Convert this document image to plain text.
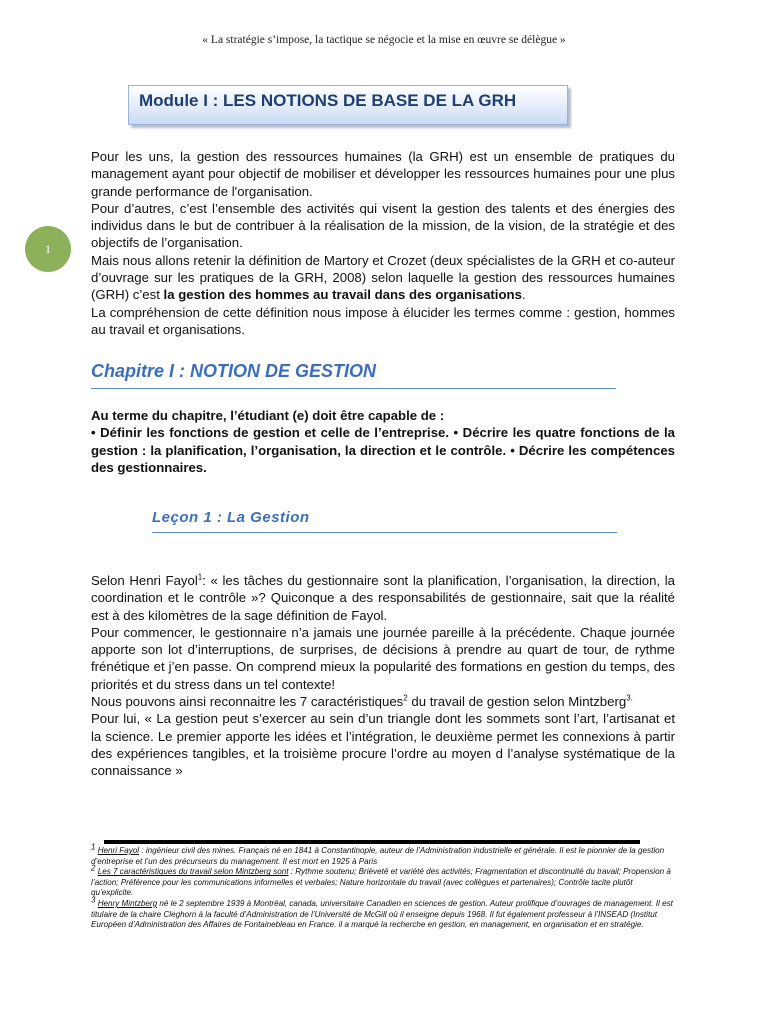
« La stratégie s’impose, la tactique se négocie et la mise en œuvre se délègue »
Module I : LES NOTIONS DE BASE DE LA GRH

Pour les uns, la gestion des ressources humaines (la GRH) est un ensemble de pratiques du management ayant pour objectif de mobiliser et développer les ressources humaines pour une plus grande performance de l'organisation.

Pour d’autres, c’est l’ensemble des activités qui visent la gestion des talents et des énergies des individus dans le but de contribuer à la réalisation de la mission, de la vision, de la stratégie et des objectifs de l’organisation.

Mais nous allons retenir la définition de Martory et Crozet (deux spécialistes de la GRH et co-auteur d’ouvrage sur les pratiques de la GRH, 2008) selon laquelle la gestion des ressources humaines (GRH) c’est la gestion des hommes au travail dans des organisations.

La compréhension de cette définition nous impose à élucider les termes comme : gestion, hommes au travail et organisations.

1
Chapitre I : NOTION DE GESTION

Au terme du chapitre, l’étudiant (e) doit être capable de :

• Définir les fonctions de gestion et celle de l’entreprise. • Décrire les quatre fonctions de la gestion : la planification, l’organisation, la direction et le contrôle. • Décrire les compétences des gestionnaires.

Leçon 1 : La Gestion

Selon Henri Fayol$^1$: « les tâches du gestionnaire sont la planification, l’organisation, la direction, la coordination et le contrôle »? Quiconque a des responsabilités de gestionnaire, sait que la réalité est à des kilomètres de la sage définition de Fayol.

Pour commencer, le gestionnaire n’a jamais une journée pareille à la précédente. Chaque journée apporte son lot d’interruptions, de surprises, de décisions à prendre au quart de tour, de rythme frénétique et j’en passe. On comprend mieux la popularité des formations en gestion du temps, des priorités et du stress dans un tel contexte!

Nous pouvons ainsi reconnaitre les 7 caractéristiques$^2$ du travail de gestion selon Mintzberg$^{3.}$

Pour lui, « La gestion peut s’exercer au sein d’un triangle dont les sommets sont l’art, l’artisanat et la science. Le premier apporte les idées et l’intégration, le deuxième permet les connexions à partir des expériences tangibles, et la troisième procure l’ordre au moyen d l’analyse systématique de la connaissance »

$^1$ Henri Fayol : ingénieur civil des mines. Français né en 1841 à Constantinople, auteur de l’Administration industrielle et générale. Il est le pionnier de la gestion d’entreprise et l’un des précurseurs du management. Il est mort en 1925 à Paris

$^2$ Les 7 caractéristiques du travail selon Mintzberg sont : Rythme soutenu; Brièveté et variété des activités; Fragmentation et discontinuité du travail; Propension à l’action; Préférence pour les communications informelles et verbales; Nature horizontale du travail (avec collègues et partenaires); Contrôle tacite plutôt qu’explicite.

$^3$ Henry Mintzberg né le 2 septembre 1939 à Montréal, canada, universitaire Canadien en sciences de gestion. Auteur prolifique d’ouvrages de management. Il est titulaire de la chaire Cleghorn à la faculté d’Administration de l’Université de McGill où il enseigne depuis 1968. Il fut également professeur à l’INSEAD (Institut Européen d’Administration des Affaires de Fontainebleau en France. il a marqué la recherche en gestion, en management, en organisation et en stratégie.
